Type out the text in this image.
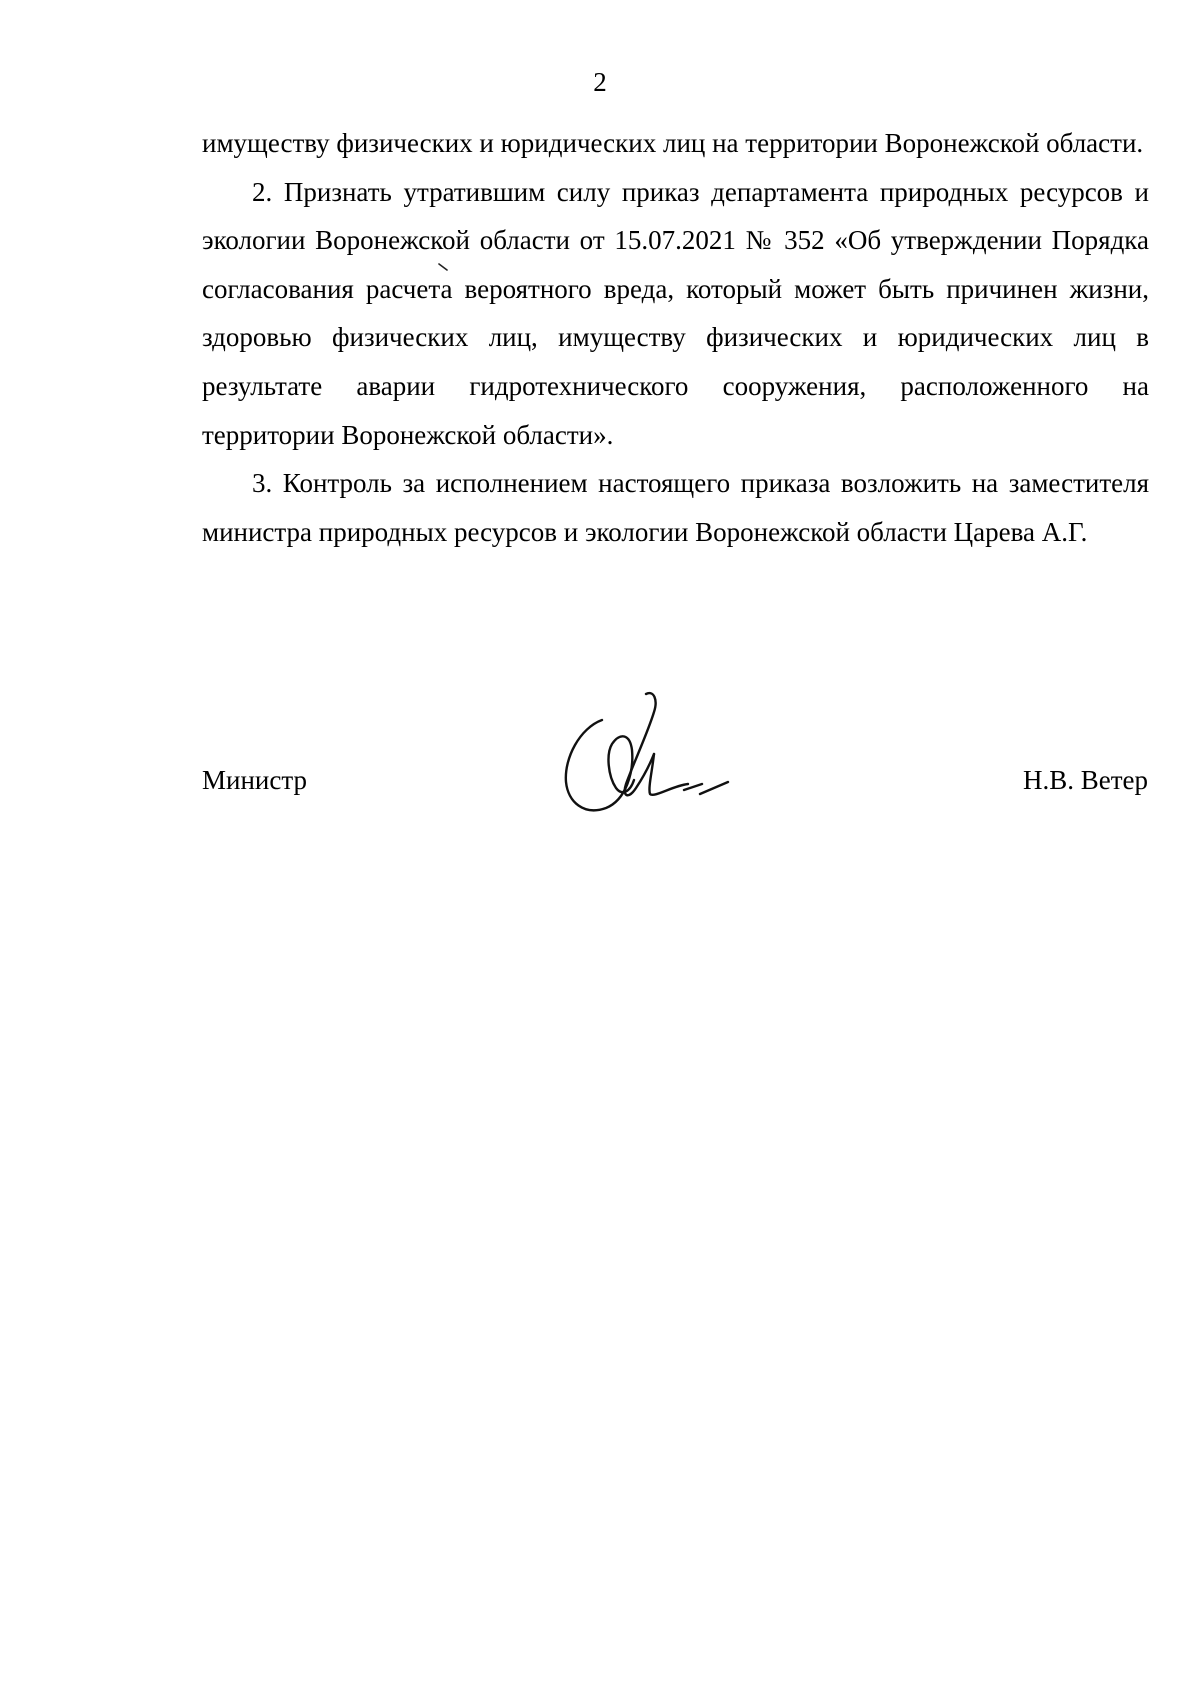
2

имуществу физических и юридических лиц на территории Воронежской области.

2. Признать утратившим силу приказ департамента природных ресурсов и экологии Воронежской области от 15.07.2021 № 352 «Об утверждении Порядка согласования расчета вероятного вреда, который может быть причинен жизни, здоровью физических лиц, имуществу физических и юридических лиц в результате аварии гидротехнического сооружения, расположенного на территории Воронежской области».

3. Контроль за исполнением настоящего приказа возложить на заместителя министра природных ресурсов и экологии Воронежской области Царева А.Г.

Министр	Н.В. Ветер
